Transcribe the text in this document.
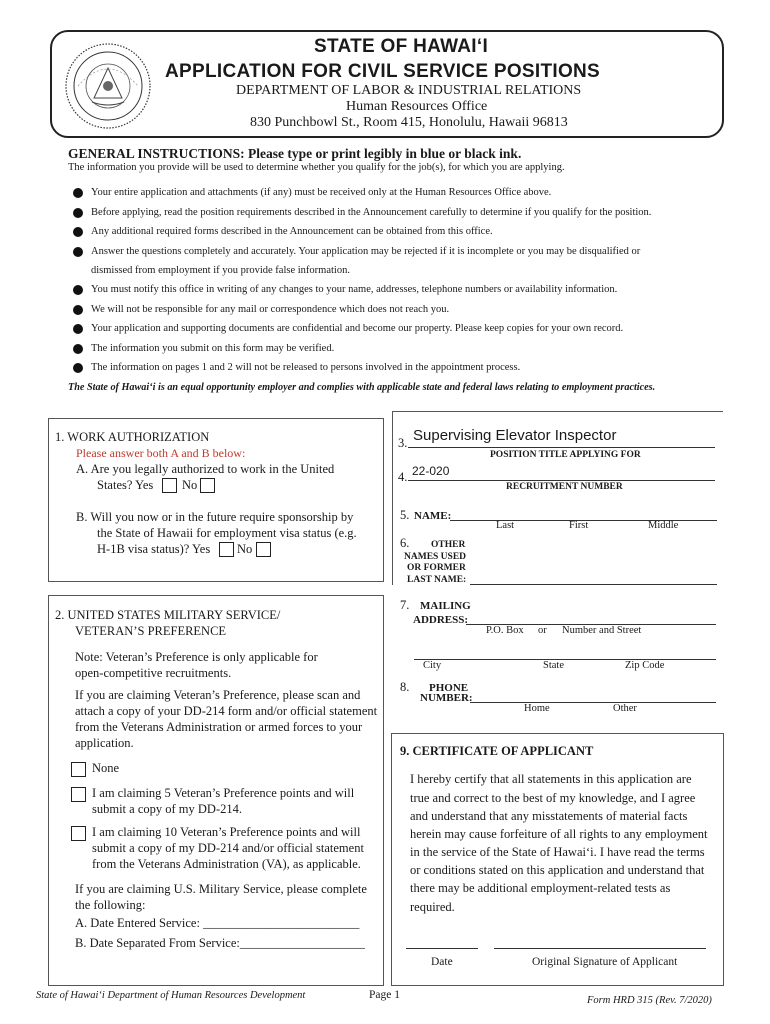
STATE OF HAWAI‘I
APPLICATION FOR CIVIL SERVICE POSITIONS
DEPARTMENT OF LABOR & INDUSTRIAL RELATIONS
Human Resources Office
830 Punchbowl St., Room 415, Honolulu, Hawaii 96813
GENERAL INSTRUCTIONS: Please type or print legibly in blue or black ink.
The information you provide will be used to determine whether you qualify for the job(s), for which you are applying.
Your entire application and attachments (if any) must be received only at the Human Resources Office above.
Before applying, read the position requirements described in the Announcement carefully to determine if you qualify for the position.
Any additional required forms described in the Announcement can be obtained from this office.
Answer the questions completely and accurately. Your application may be rejected if it is incomplete or you may be disqualified or
dismissed from employment if you provide false information.
You must notify this office in writing of any changes to your name, addresses, telephone numbers or availability information.
We will not be responsible for any mail or correspondence which does not reach you.
Your application and supporting documents are confidential and become our property. Please keep copies for your own record.
The information you submit on this form may be verified.
The information on pages 1 and 2 will not be released to persons involved in the appointment process.
The State of Hawai‘i is an equal opportunity employer and complies with applicable state and federal laws relating to employment practices.
1. WORK AUTHORIZATION
Please answer both A and B below:
A. Are you legally authorized to work in the United
States? Yes No
B. Will you now or in the future require sponsorship by
the State of Hawaii for employment visa status (e.g.
H-1B visa status)? Yes No
2. UNITED STATES MILITARY SERVICE/
VETERAN’S PREFERENCE
Note: Veteran’s Preference is only applicable for
open-competitive recruitments.
If you are claiming Veteran’s Preference, please scan and
attach a copy of your DD-214 form and/or official statement
from the Veterans Administration or armed forces to your
application.
None
I am claiming 5 Veteran’s Preference points and will
submit a copy of my DD-214.
I am claiming 10 Veteran’s Preference points and will
submit a copy of my DD-214 and/or official statement
from the Veterans Administration (VA), as applicable.
If you are claiming U.S. Military Service, please complete
the following:
A. Date Entered Service: _________________________
B. Date Separated From Service:____________________
3. Supervising Elevator Inspector
POSITION TITLE APPLYING FOR
4. 22-020
RECRUITMENT NUMBER
5. NAME:
Last	First	Middle
6. OTHER
NAMES USED
OR FORMER
LAST NAME:
7. MAILING
ADDRESS:
P.O. Box or Number and Street
City	State	Zip Code
8. PHONE
NUMBER:
Home	Other
9. CERTIFICATE OF APPLICANT
I hereby certify that all statements in this application are
true and correct to the best of my knowledge, and I agree
and understand that any misstatements of material facts
herein may cause forfeiture of all rights to any employment
in the service of the State of Hawai‘i. I have read the terms
or conditions stated on this application and understand that
there may be additional employment-related tests as
required.
Date	Original Signature of Applicant
State of Hawai‘i Department of Human Resources Development	Page 1	Form HRD 315 (Rev. 7/2020)
